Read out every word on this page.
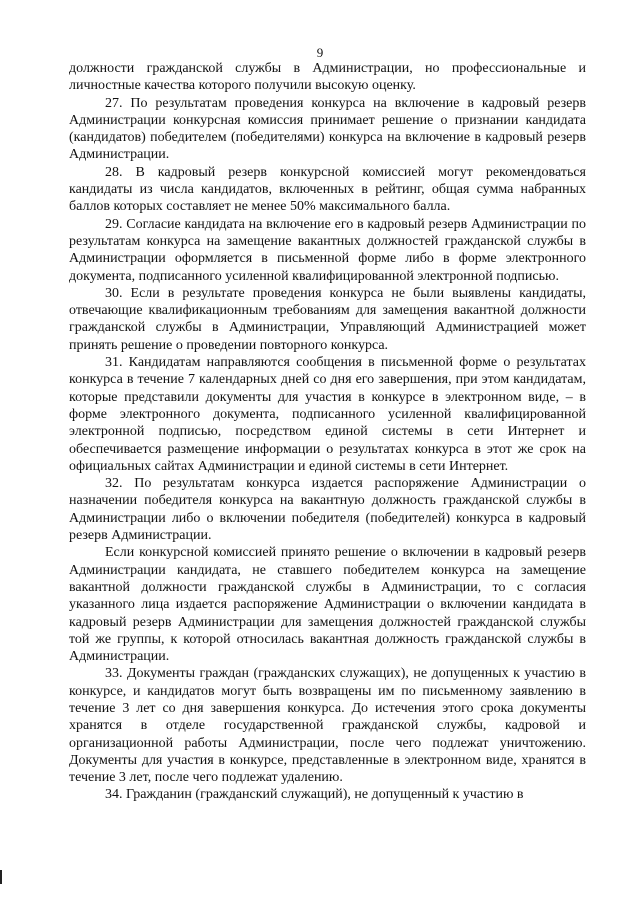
9

должности гражданской службы в Администрации, но профессиональные и личностные качества которого получили высокую оценку.

27. По результатам проведения конкурса на включение в кадровый резерв Администрации конкурсная комиссия принимает решение о признании кандидата (кандидатов) победителем (победителями) конкурса на включение в кадровый резерв Администрации.

28. В кадровый резерв конкурсной комиссией могут рекомендоваться кандидаты из числа кандидатов, включенных в рейтинг, общая сумма набранных баллов которых составляет не менее 50% максимального балла.

29. Согласие кандидата на включение его в кадровый резерв Администрации по результатам конкурса на замещение вакантных должностей гражданской службы в Администрации оформляется в письменной форме либо в форме электронного документа, подписанного усиленной квалифицированной электронной подписью.

30. Если в результате проведения конкурса не были выявлены кандидаты, отвечающие квалификационным требованиям для замещения вакантной должности гражданской службы в Администрации, Управляющий Администрацией может принять решение о проведении повторного конкурса.

31. Кандидатам направляются сообщения в письменной форме о результатах конкурса в течение 7 календарных дней со дня его завершения, при этом кандидатам, которые представили документы для участия в конкурсе в электронном виде, – в форме электронного документа, подписанного усиленной квалифицированной электронной подписью, посредством единой системы в сети Интернет и обеспечивается размещение информации о результатах конкурса в этот же срок на официальных сайтах Администрации и единой системы в сети Интернет.

32. По результатам конкурса издается распоряжение Администрации о назначении победителя конкурса на вакантную должность гражданской службы в Администрации либо о включении победителя (победителей) конкурса в кадровый резерв Администрации.

Если конкурсной комиссией принято решение о включении в кадровый резерв Администрации кандидата, не ставшего победителем конкурса на замещение вакантной должности гражданской службы в Администрации, то с согласия указанного лица издается распоряжение Администрации о включении кандидата в кадровый резерв Администрации для замещения должностей гражданской службы той же группы, к которой относилась вакантная должность гражданской службы в Администрации.

33. Документы граждан (гражданских служащих), не допущенных к участию в конкурсе, и кандидатов могут быть возвращены им по письменному заявлению в течение 3 лет со дня завершения конкурса. До истечения этого срока документы хранятся в отделе государственной гражданской службы, кадровой и организационной работы Администрации, после чего подлежат уничтожению. Документы для участия в конкурсе, представленные в электронном виде, хранятся в течение 3 лет, после чего подлежат удалению.

34. Гражданин (гражданский служащий), не допущенный к участию в
